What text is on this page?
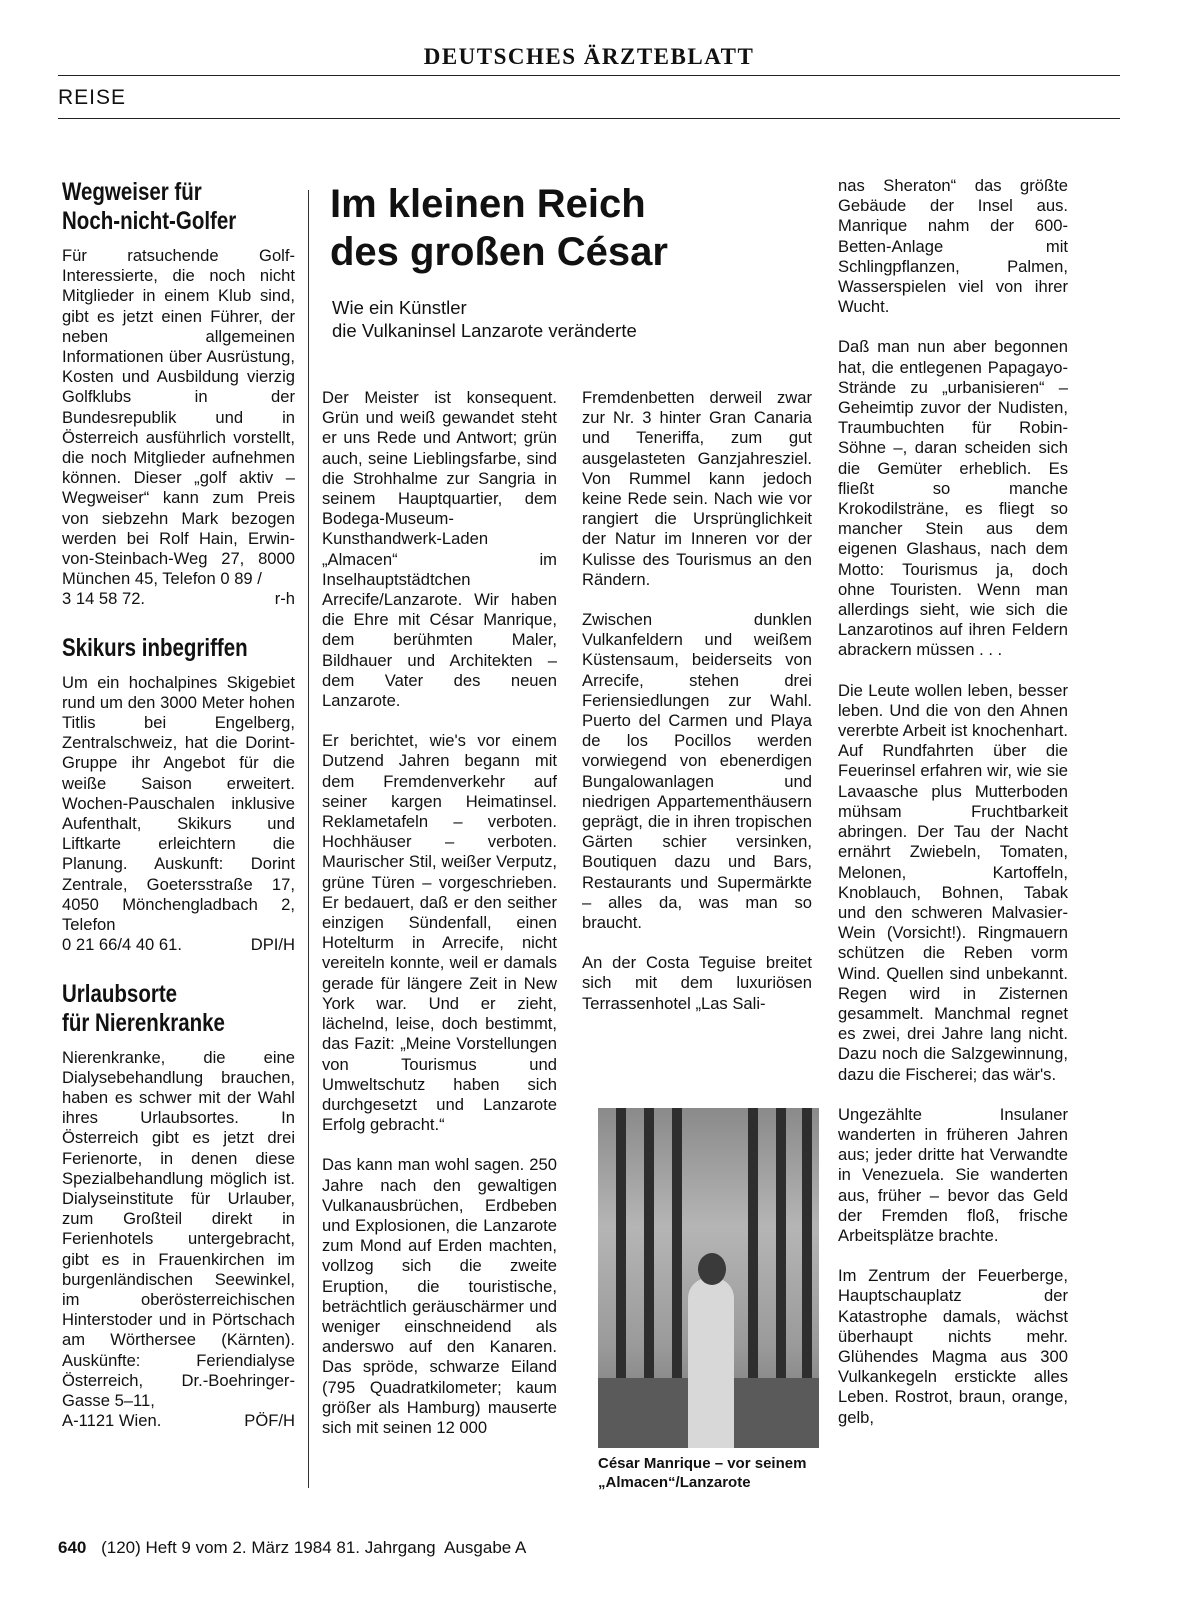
DEUTSCHES ÄRZTEBLATT
REISE
Wegweiser für
Noch-nicht-Golfer
Für ratsuchende Golf-Interessierte, die noch nicht Mitglieder in einem Klub sind, gibt es jetzt einen Führer, der neben allgemeinen Informationen über Ausrüstung, Kosten und Ausbildung vierzig Golfklubs in der Bundesrepublik und in Österreich ausführlich vorstellt, die noch Mitglieder aufnehmen können. Dieser „golf aktiv – Wegweiser“ kann zum Preis von siebzehn Mark bezogen werden bei Rolf Hain, Erwin-von-Steinbach-Weg 27, 8000 München 45, Telefon 0 89 /
3 14 58 72.	r-h
Skikurs inbegriffen
Um ein hochalpines Skigebiet rund um den 3000 Meter hohen Titlis bei Engelberg, Zentralschweiz, hat die Dorint-Gruppe ihr Angebot für die weiße Saison erweitert. Wochen-Pauschalen inklusive Aufenthalt, Skikurs und Liftkarte erleichtern die Planung. Auskunft: Dorint Zentrale, Goetersstraße 17, 4050 Mönchengladbach 2, Telefon
0 21 66/4 40 61.	DPI/H
Urlaubsorte
für Nierenkranke
Nierenkranke, die eine Dialysebehandlung brauchen, haben es schwer mit der Wahl ihres Urlaubsortes. In Österreich gibt es jetzt drei Ferienorte, in denen diese Spezialbehandlung möglich ist. Dialyseinstitute für Urlauber, zum Großteil direkt in Ferienhotels untergebracht, gibt es in Frauenkirchen im burgenländischen Seewinkel, im oberösterreichischen Hinterstoder und in Pörtschach am Wörthersee (Kärnten). Auskünfte: Feriendialyse Österreich, Dr.-Boehringer-Gasse 5–11,
A-1121 Wien.	PÖF/H
Im kleinen Reich
des großen César
Wie ein Künstler
die Vulkaninsel Lanzarote veränderte

Der Meister ist konsequent. Grün und weiß gewandet steht er uns Rede und Antwort; grün auch, seine Lieblingsfarbe, sind die Strohhalme zur Sangria in seinem Hauptquartier, dem Bodega-Museum-Kunsthandwerk-Laden „Almacen“ im Inselhauptstädtchen Arrecife/Lanzarote. Wir haben die Ehre mit César Manrique, dem berühmten Maler, Bildhauer und Architekten – dem Vater des neuen Lanzarote.

Er berichtet, wie's vor einem Dutzend Jahren begann mit dem Fremdenverkehr auf seiner kargen Heimatinsel. Reklametafeln – verboten. Hochhäuser – verboten. Maurischer Stil, weißer Verputz, grüne Türen – vorgeschrieben. Er bedauert, daß er den seither einzigen Sündenfall, einen Hotelturm in Arrecife, nicht vereiteln konnte, weil er damals gerade für längere Zeit in New York war. Und er zieht, lächelnd, leise, doch bestimmt, das Fazit: „Meine Vorstellungen von Tourismus und Umweltschutz haben sich durchgesetzt und Lanzarote Erfolg gebracht.“

Das kann man wohl sagen. 250 Jahre nach den gewaltigen Vulkanausbrüchen, Erdbeben und Explosionen, die Lanzarote zum Mond auf Erden machten, vollzog sich die zweite Eruption, die touristische, beträchtlich geräuschärmer und weniger einschneidend als anderswo auf den Kanaren. Das spröde, schwarze Eiland (795 Quadratkilometer; kaum größer als Hamburg) mauserte sich mit seinen 12 000

Fremdenbetten derweil zwar zur Nr. 3 hinter Gran Canaria und Teneriffa, zum gut ausgelasteten Ganzjahresziel. Von Rummel kann jedoch keine Rede sein. Nach wie vor rangiert die Ursprünglichkeit der Natur im Inneren vor der Kulisse des Tourismus an den Rändern.

Zwischen dunklen Vulkanfeldern und weißem Küstensaum, beiderseits von Arrecife, stehen drei Feriensiedlungen zur Wahl. Puerto del Carmen und Playa de los Pocillos werden vorwiegend von ebenerdigen Bungalowanlagen und niedrigen Appartementhäusern geprägt, die in ihren tropischen Gärten schier versinken, Boutiquen dazu und Bars, Restaurants und Supermärkte – alles da, was man so braucht.

An der Costa Teguise breitet sich mit dem luxuriösen Terrassenhotel „Las Sali-

César Manrique – vor seinem
„Almacen“/Lanzarote

nas Sheraton“ das größte Gebäude der Insel aus. Manrique nahm der 600-Betten-Anlage mit Schlingpflanzen, Palmen, Wasserspielen viel von ihrer Wucht.

Daß man nun aber begonnen hat, die entlegenen Papagayo-Strände zu „urbanisieren“ – Geheimtip zuvor der Nudisten, Traumbuchten für Robin-Söhne –, daran scheiden sich die Gemüter erheblich. Es fließt so manche Krokodilsträne, es fliegt so mancher Stein aus dem eigenen Glashaus, nach dem Motto: Tourismus ja, doch ohne Touristen. Wenn man allerdings sieht, wie sich die Lanzarotinos auf ihren Feldern abrackern müssen . . .

Die Leute wollen leben, besser leben. Und die von den Ahnen vererbte Arbeit ist knochenhart. Auf Rundfahrten über die Feuerinsel erfahren wir, wie sie Lavaasche plus Mutterboden mühsam Fruchtbarkeit abringen. Der Tau der Nacht ernährt Zwiebeln, Tomaten, Melonen, Kartoffeln, Knoblauch, Bohnen, Tabak und den schweren Malvasier-Wein (Vorsicht!). Ringmauern schützen die Reben vorm Wind. Quellen sind unbekannt. Regen wird in Zisternen gesammelt. Manchmal regnet es zwei, drei Jahre lang nicht. Dazu noch die Salzgewinnung, dazu die Fischerei; das wär's.

Ungezählte Insulaner wanderten in früheren Jahren aus; jeder dritte hat Verwandte in Venezuela. Sie wanderten aus, früher – bevor das Geld der Fremden floß, frische Arbeitsplätze brachte.

Im Zentrum der Feuerberge, Hauptschauplatz der Katastrophe damals, wächst überhaupt nichts mehr. Glühendes Magma aus 300 Vulkankegeln erstickte alles Leben. Rostrot, braun, orange, gelb,

640 (120) Heft 9 vom 2. März 1984 81. Jahrgang  Ausgabe A
